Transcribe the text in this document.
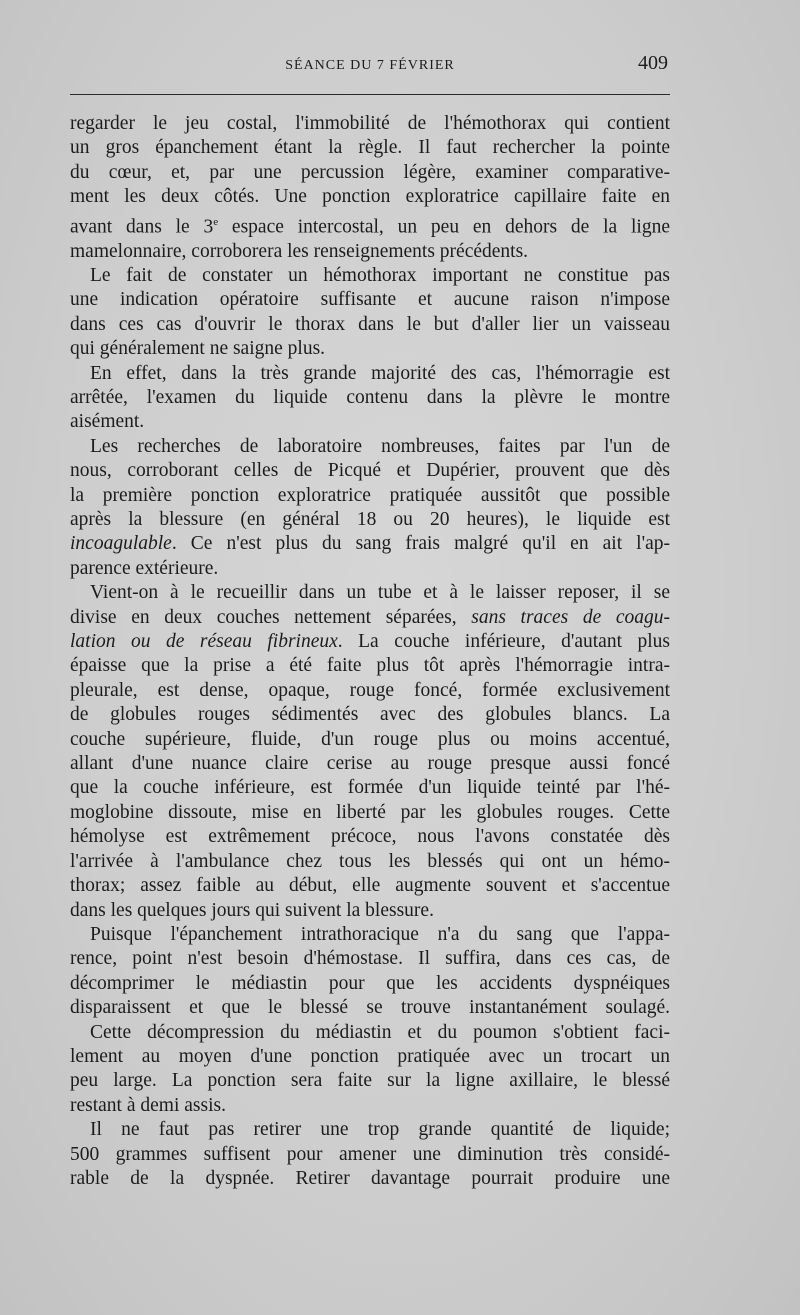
SÉANCE DU 7 FÉVRIER	409
regarder le jeu costal, l'immobilité de l'hémothorax qui contient
un gros épanchement étant la règle. Il faut rechercher la pointe
du cœur, et, par une percussion légère, examiner comparative-
ment les deux côtés. Une ponction exploratrice capillaire faite en
avant dans le 3e espace intercostal, un peu en dehors de la ligne
mamelonnaire, corroborera les renseignements précédents.
Le fait de constater un hémothorax important ne constitue pas
une indication opératoire suffisante et aucune raison n'impose
dans ces cas d'ouvrir le thorax dans le but d'aller lier un vaisseau
qui généralement ne saigne plus.
En effet, dans la très grande majorité des cas, l'hémorragie est
arrêtée, l'examen du liquide contenu dans la plèvre le montre
aisément.
Les recherches de laboratoire nombreuses, faites par l'un de
nous, corroborant celles de Picqué et Dupérier, prouvent que dès
la première ponction exploratrice pratiquée aussitôt que possible
après la blessure (en général 18 ou 20 heures), le liquide est
incoagulable. Ce n'est plus du sang frais malgré qu'il en ait l'ap-
parence extérieure.
Vient-on à le recueillir dans un tube et à le laisser reposer, il se
divise en deux couches nettement séparées, sans traces de coagu-
lation ou de réseau fibrineux. La couche inférieure, d'autant plus
épaisse que la prise a été faite plus tôt après l'hémorragie intra-
pleurale, est dense, opaque, rouge foncé, formée exclusivement
de globules rouges sédimentés avec des globules blancs. La
couche supérieure, fluide, d'un rouge plus ou moins accentué,
allant d'une nuance claire cerise au rouge presque aussi foncé
que la couche inférieure, est formée d'un liquide teinté par l'hé-
moglobine dissoute, mise en liberté par les globules rouges. Cette
hémolyse est extrêmement précoce, nous l'avons constatée dès
l'arrivée à l'ambulance chez tous les blessés qui ont un hémo-
thorax; assez faible au début, elle augmente souvent et s'accentue
dans les quelques jours qui suivent la blessure.
Puisque l'épanchement intrathoracique n'a du sang que l'appa-
rence, point n'est besoin d'hémostase. Il suffira, dans ces cas, de
décomprimer le médiastin pour que les accidents dyspnéiques
disparaissent et que le blessé se trouve instantanément soulagé.
Cette décompression du médiastin et du poumon s'obtient faci-
lement au moyen d'une ponction pratiquée avec un trocart un
peu large. La ponction sera faite sur la ligne axillaire, le blessé
restant à demi assis.
Il ne faut pas retirer une trop grande quantité de liquide;
500 grammes suffisent pour amener une diminution très considé-
rable de la dyspnée. Retirer davantage pourrait produire une
